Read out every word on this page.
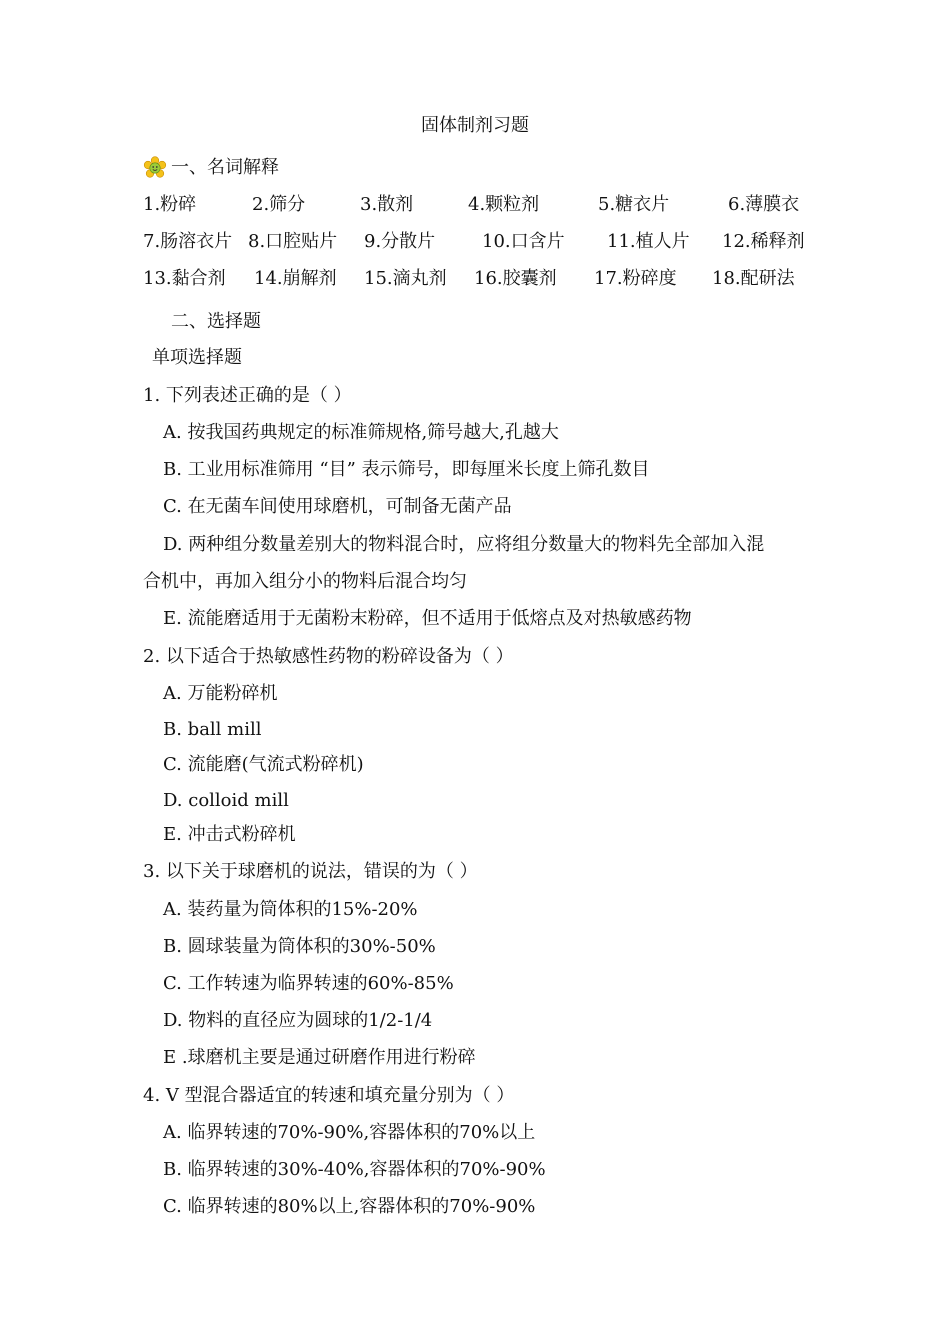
固体制剂习题
一、名词解释
1.粉碎	2.筛分	3.散剂	4.颗粒剂	5.糖衣片	6.薄膜衣
7.肠溶衣片 8.口腔贴片 9.分散片	10.口含片 11.植人片 12.稀释剂
13.黏合剂 14.崩解剂 15.滴丸剂 16.胶囊剂 17.粉碎度 18.配研法
二、选择题
单项选择题
1. 下列表述正确的是（ ）
A. 按我国药典规定的标准筛规格,筛号越大,孔越大
B. 工业用标准筛用 “目” 表示筛号，即每厘米长度上筛孔数目
C. 在无菌车间使用球磨机，可制备无菌产品
D. 两种组分数量差别大的物料混合时，应将组分数量大的物料先全部加入混
合机中，再加入组分小的物料后混合均匀
E. 流能磨适用于无菌粉末粉碎，但不适用于低熔点及对热敏感药物
2. 以下适合于热敏感性药物的粉碎设备为（ ）
A. 万能粉碎机
B. ball mill
C. 流能磨(气流式粉碎机)
D. colloid mill
E. 冲击式粉碎机
3. 以下关于球磨机的说法，错误的为（ ）
A. 装药量为筒体积的15%-20%
B. 圆球装量为筒体积的30%-50%
C. 工作转速为临界转速的60%-85%
D. 物料的直径应为圆球的1/2-1/4
E .球磨机主要是通过研磨作用进行粉碎
4. V 型混合器适宜的转速和填充量分别为（ ）
A. 临界转速的70%-90%,容器体积的70%以上
B. 临界转速的30%-40%,容器体积的70%-90%
C. 临界转速的80%以上,容器体积的70%-90%
